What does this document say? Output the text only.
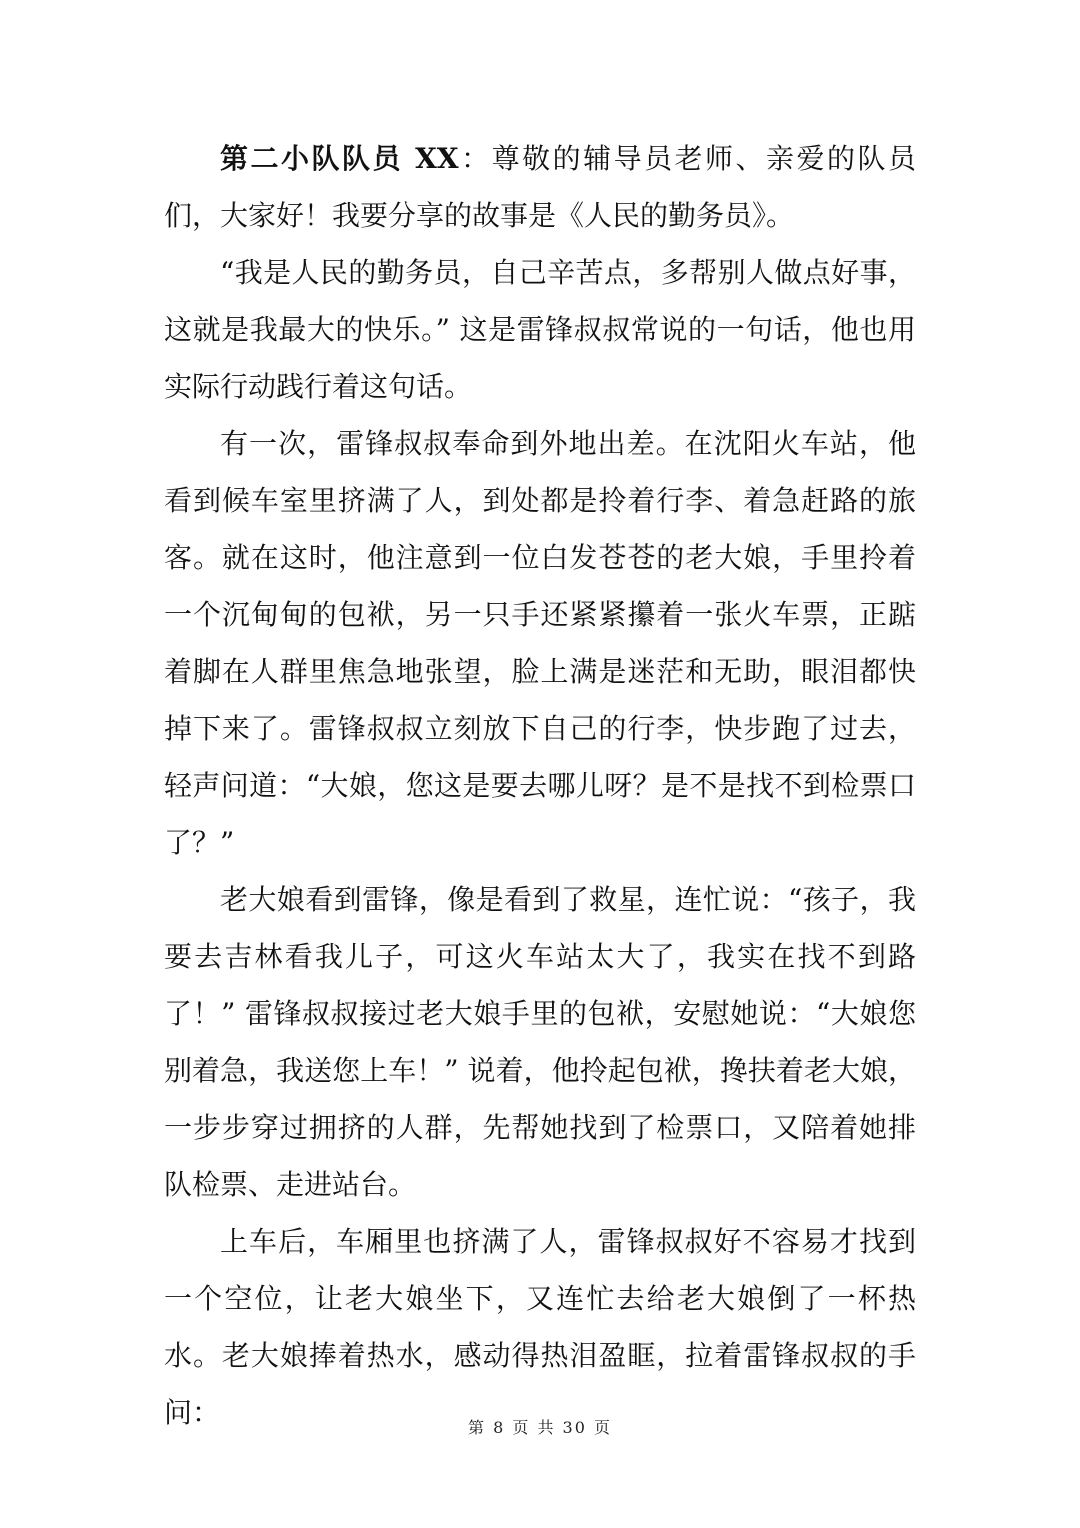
第二小队队员 XX：尊敬的辅导员老师、亲爱的队员们，大家好！我要分享的故事是《人民的勤务员》。

“我是人民的勤务员，自己辛苦点，多帮别人做点好事，这就是我最大的快乐。” 这是雷锋叔叔常说的一句话，他也用实际行动践行着这句话。

有一次，雷锋叔叔奉命到外地出差。在沈阳火车站，他看到候车室里挤满了人，到处都是拎着行李、着急赶路的旅客。就在这时，他注意到一位白发苍苍的老大娘，手里拎着一个沉甸甸的包袱，另一只手还紧紧攥着一张火车票，正踮着脚在人群里焦急地张望，脸上满是迷茫和无助，眼泪都快掉下来了。雷锋叔叔立刻放下自己的行李，快步跑了过去，轻声问道：“大娘，您这是要去哪儿呀？是不是找不到检票口了？”

老大娘看到雷锋，像是看到了救星，连忙说：“孩子，我要去吉林看我儿子，可这火车站太大了，我实在找不到路了！” 雷锋叔叔接过老大娘手里的包袱，安慰她说：“大娘您别着急，我送您上车！” 说着，他拎起包袱，搀扶着老大娘，一步步穿过拥挤的人群，先帮她找到了检票口，又陪着她排队检票、走进站台。

上车后，车厢里也挤满了人，雷锋叔叔好不容易才找到一个空位，让老大娘坐下，又连忙去给老大娘倒了一杯热水。老大娘捧着热水，感动得热泪盈眶，拉着雷锋叔叔的手问：	第 8 页 共 30 页
